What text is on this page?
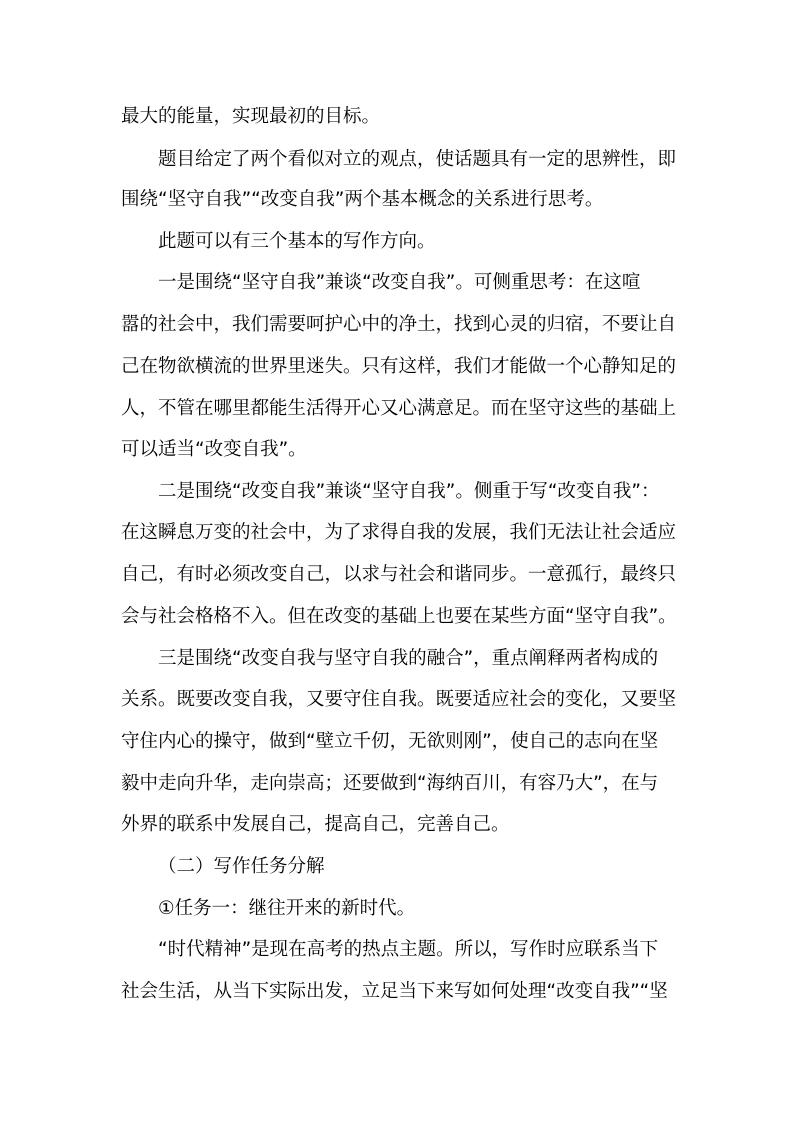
最大的能量，实现最初的目标。
题目给定了两个看似对立的观点，使话题具有一定的思辨性，即
围绕“坚守自我”“改变自我”两个基本概念的关系进行思考。
此题可以有三个基本的写作方向。
一是围绕“坚守自我”兼谈“改变自我”。可侧重思考：在这喧
嚣的社会中，我们需要呵护心中的净土，找到心灵的归宿，不要让自
己在物欲横流的世界里迷失。只有这样，我们才能做一个心静知足的
人，不管在哪里都能生活得开心又心满意足。而在坚守这些的基础上
可以适当“改变自我”。
二是围绕“改变自我”兼谈“坚守自我”。侧重于写“改变自我”：
在这瞬息万变的社会中，为了求得自我的发展，我们无法让社会适应
自己，有时必须改变自己，以求与社会和谐同步。一意孤行，最终只
会与社会格格不入。但在改变的基础上也要在某些方面“坚守自我”。
三是围绕“改变自我与坚守自我的融合”，重点阐释两者构成的
关系。既要改变自我，又要守住自我。既要适应社会的变化，又要坚
守住内心的操守，做到“壁立千仞，无欲则刚”，使自己的志向在坚
毅中走向升华，走向崇高；还要做到“海纳百川，有容乃大”，在与
外界的联系中发展自己，提高自己，完善自己。
（二）写作任务分解
①任务一：继往开来的新时代。
“时代精神”是现在高考的热点主题。所以，写作时应联系当下
社会生活，从当下实际出发，立足当下来写如何处理“改变自我”“坚
